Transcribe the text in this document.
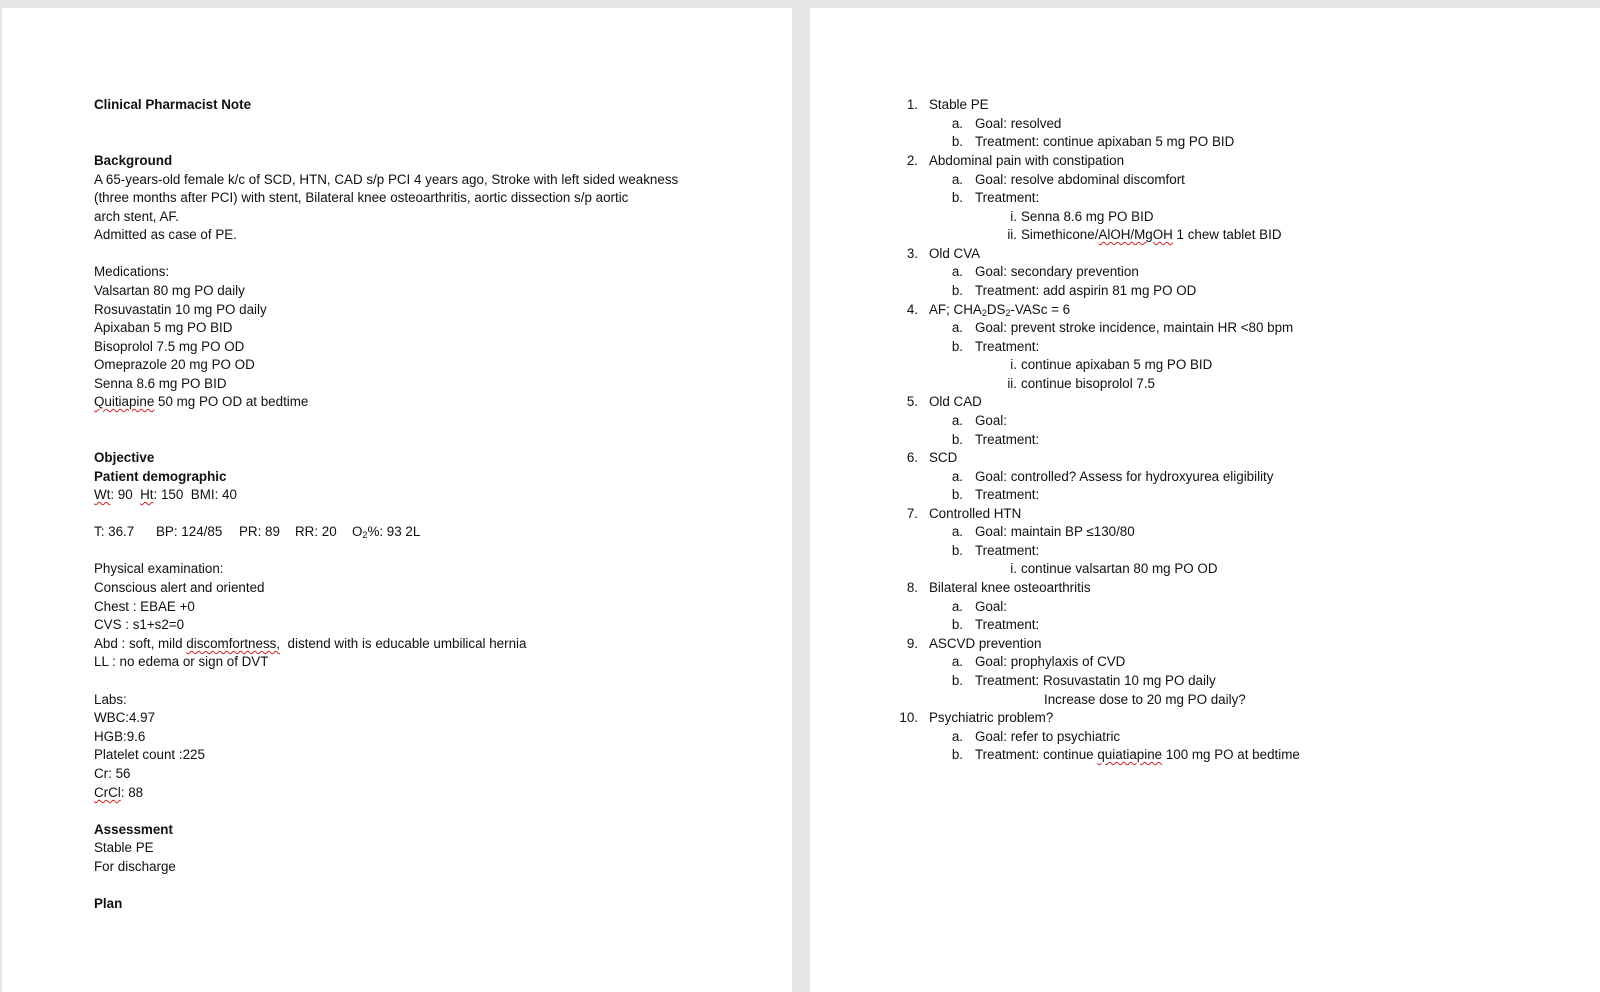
Clinical Pharmacist Note
Background
A 65-years-old female k/c of SCD, HTN, CAD s/p PCI 4 years ago, Stroke with left sided weakness
(three months after PCI) with stent, Bilateral knee osteoarthritis, aortic dissection s/p aortic
arch stent, AF.
Admitted as case of PE.
Medications:
Valsartan 80 mg PO daily
Rosuvastatin 10 mg PO daily
Apixaban 5 mg PO BID
Bisoprolol 7.5 mg PO OD
Omeprazole 20 mg PO OD
Senna 8.6 mg PO BID
Quitiapine 50 mg PO OD at bedtime
Objective
Patient demographic
Wt: 90  Ht: 150  BMI: 40
T: 36.7 BP: 124/85 PR: 89 RR: 20 $O_2\%$: 93 2L
Physical examination:
Conscious alert and oriented
Chest : EBAE +0
CVS : s1+s2=0
Abd : soft, mild discomfortness,  distend with is educable umbilical hernia
LL : no edema or sign of DVT
Labs:
WBC:4.97
HGB:9.6
Platelet count :225
Cr: 56
CrCl: 88
Assessment
Stable PE
For discharge
Plan
1. Stable PE
a. Goal: resolved
b. Treatment: continue apixaban 5 mg PO BID
2. Abdominal pain with constipation
a. Goal: resolve abdominal discomfort
b. Treatment:
i. Senna 8.6 mg PO BID
ii. Simethicone/AlOH/MgOH 1 chew tablet BID
3. Old CVA
a. Goal: secondary prevention
b. Treatment: add aspirin 81 mg PO OD
4. AF; $CHA_2DS_2$-VASc = 6
a. Goal: prevent stroke incidence, maintain HR <80 bpm
b. Treatment:
i. continue apixaban 5 mg PO BID
ii. continue bisoprolol 7.5
5. Old CAD
a. Goal:
b. Treatment:
6. SCD
a. Goal: controlled? Assess for hydroxyurea eligibility
b. Treatment:
7. Controlled HTN
a. Goal: maintain BP ≤130/80
b. Treatment:
i. continue valsartan 80 mg PO OD
8. Bilateral knee osteoarthritis
a. Goal:
b. Treatment:
9. ASCVD prevention
a. Goal: prophylaxis of CVD
b. Treatment: Rosuvastatin 10 mg PO daily
Increase dose to 20 mg PO daily?
10. Psychiatric problem?
a. Goal: refer to psychiatric
b. Treatment: continue quiatiapine 100 mg PO at bedtime
